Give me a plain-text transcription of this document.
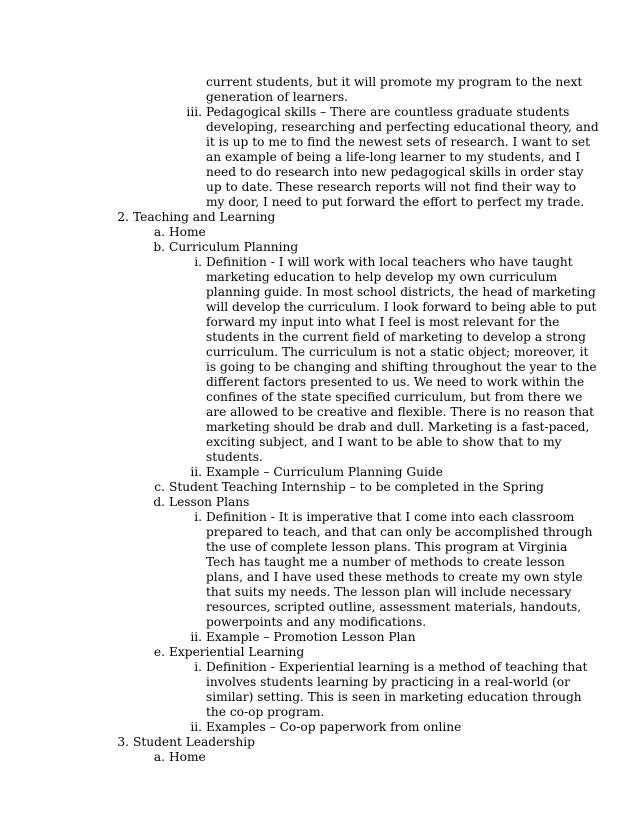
current students, but it will promote my program to the next
generation of learners.
iii. Pedagogical skills – There are countless graduate students
developing, researching and perfecting educational theory, and
it is up to me to find the newest sets of research. I want to set
an example of being a life-long learner to my students, and I
need to do research into new pedagogical skills in order stay
up to date. These research reports will not find their way to
my door, I need to put forward the effort to perfect my trade.
2. Teaching and Learning
a. Home
b. Curriculum Planning
i. Definition - I will work with local teachers who have taught
marketing education to help develop my own curriculum
planning guide. In most school districts, the head of marketing
will develop the curriculum. I look forward to being able to put
forward my input into what I feel is most relevant for the
students in the current field of marketing to develop a strong
curriculum. The curriculum is not a static object; moreover, it
is going to be changing and shifting throughout the year to the
different factors presented to us. We need to work within the
confines of the state specified curriculum, but from there we
are allowed to be creative and flexible. There is no reason that
marketing should be drab and dull. Marketing is a fast-paced,
exciting subject, and I want to be able to show that to my
students.
ii. Example – Curriculum Planning Guide
c. Student Teaching Internship – to be completed in the Spring
d. Lesson Plans
i. Definition - It is imperative that I come into each classroom
prepared to teach, and that can only be accomplished through
the use of complete lesson plans. This program at Virginia
Tech has taught me a number of methods to create lesson
plans, and I have used these methods to create my own style
that suits my needs. The lesson plan will include necessary
resources, scripted outline, assessment materials, handouts,
powerpoints and any modifications.
ii. Example – Promotion Lesson Plan
e. Experiential Learning
i. Definition - Experiential learning is a method of teaching that
involves students learning by practicing in a real-world (or
similar) setting. This is seen in marketing education through
the co-op program.
ii. Examples – Co-op paperwork from online
3. Student Leadership
a. Home
